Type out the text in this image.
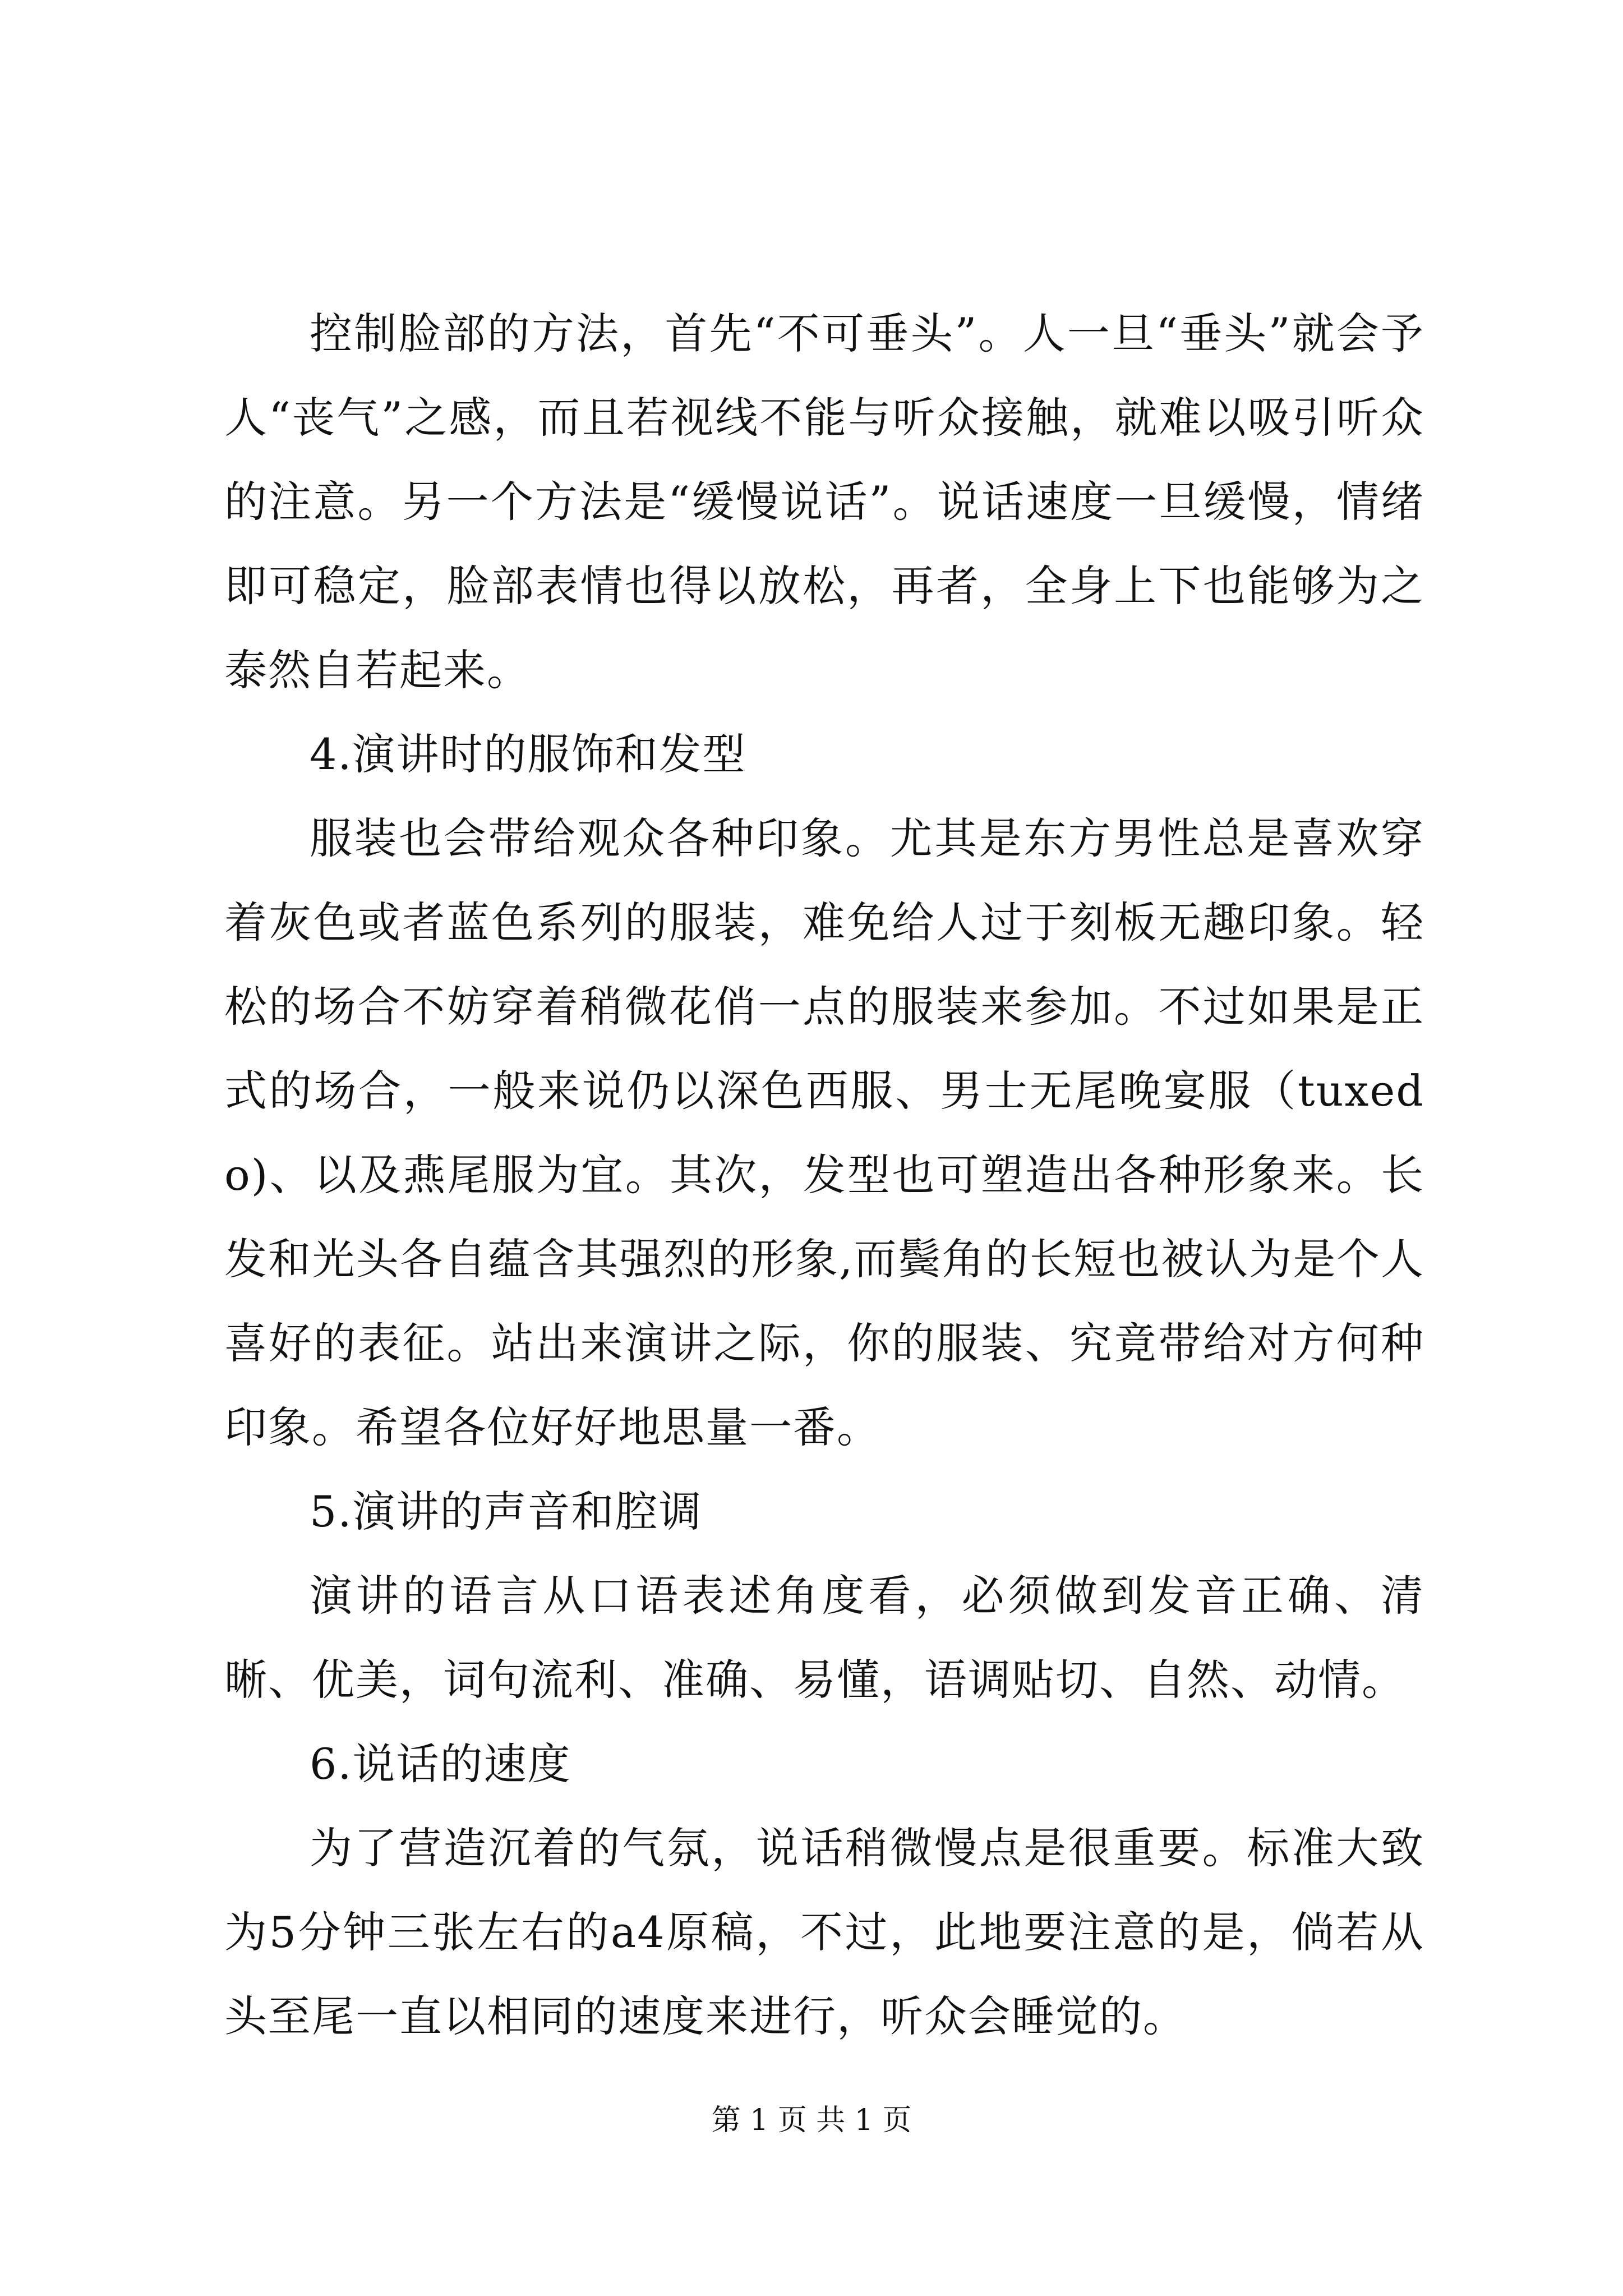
控制脸部的方法，首先“不可垂头”。人一旦“垂头”就会予人“丧气”之感，而且若视线不能与听众接触，就难以吸引听众的注意。另一个方法是“缓慢说话”。说话速度一旦缓慢，情绪即可稳定，脸部表情也得以放松，再者，全身上下也能够为之泰然自若起来。

4.演讲时的服饰和发型

服装也会带给观众各种印象。尤其是东方男性总是喜欢穿着灰色或者蓝色系列的服装，难免给人过于刻板无趣印象。轻松的场合不妨穿着稍微花俏一点的服装来参加。不过如果是正式的场合，一般来说仍以深色西服、男士无尾晚宴服（tuxedo)、以及燕尾服为宜。其次，发型也可塑造出各种形象来。长发和光头各自蕴含其强烈的形象,而鬓角的长短也被认为是个人喜好的表征。站出来演讲之际，你的服装、究竟带给对方何种印象。希望各位好好地思量一番。

5.演讲的声音和腔调

演讲的语言从口语表述角度看，必须做到发音正确、清晰、优美，词句流利、准确、易懂，语调贴切、自然、动情。

6.说话的速度

为了营造沉着的气氛，说话稍微慢点是很重要。标准大致为5分钟三张左右的a4原稿，不过，此地要注意的是，倘若从头至尾一直以相同的速度来进行，听众会睡觉的。

第 1 页 共 1 页
